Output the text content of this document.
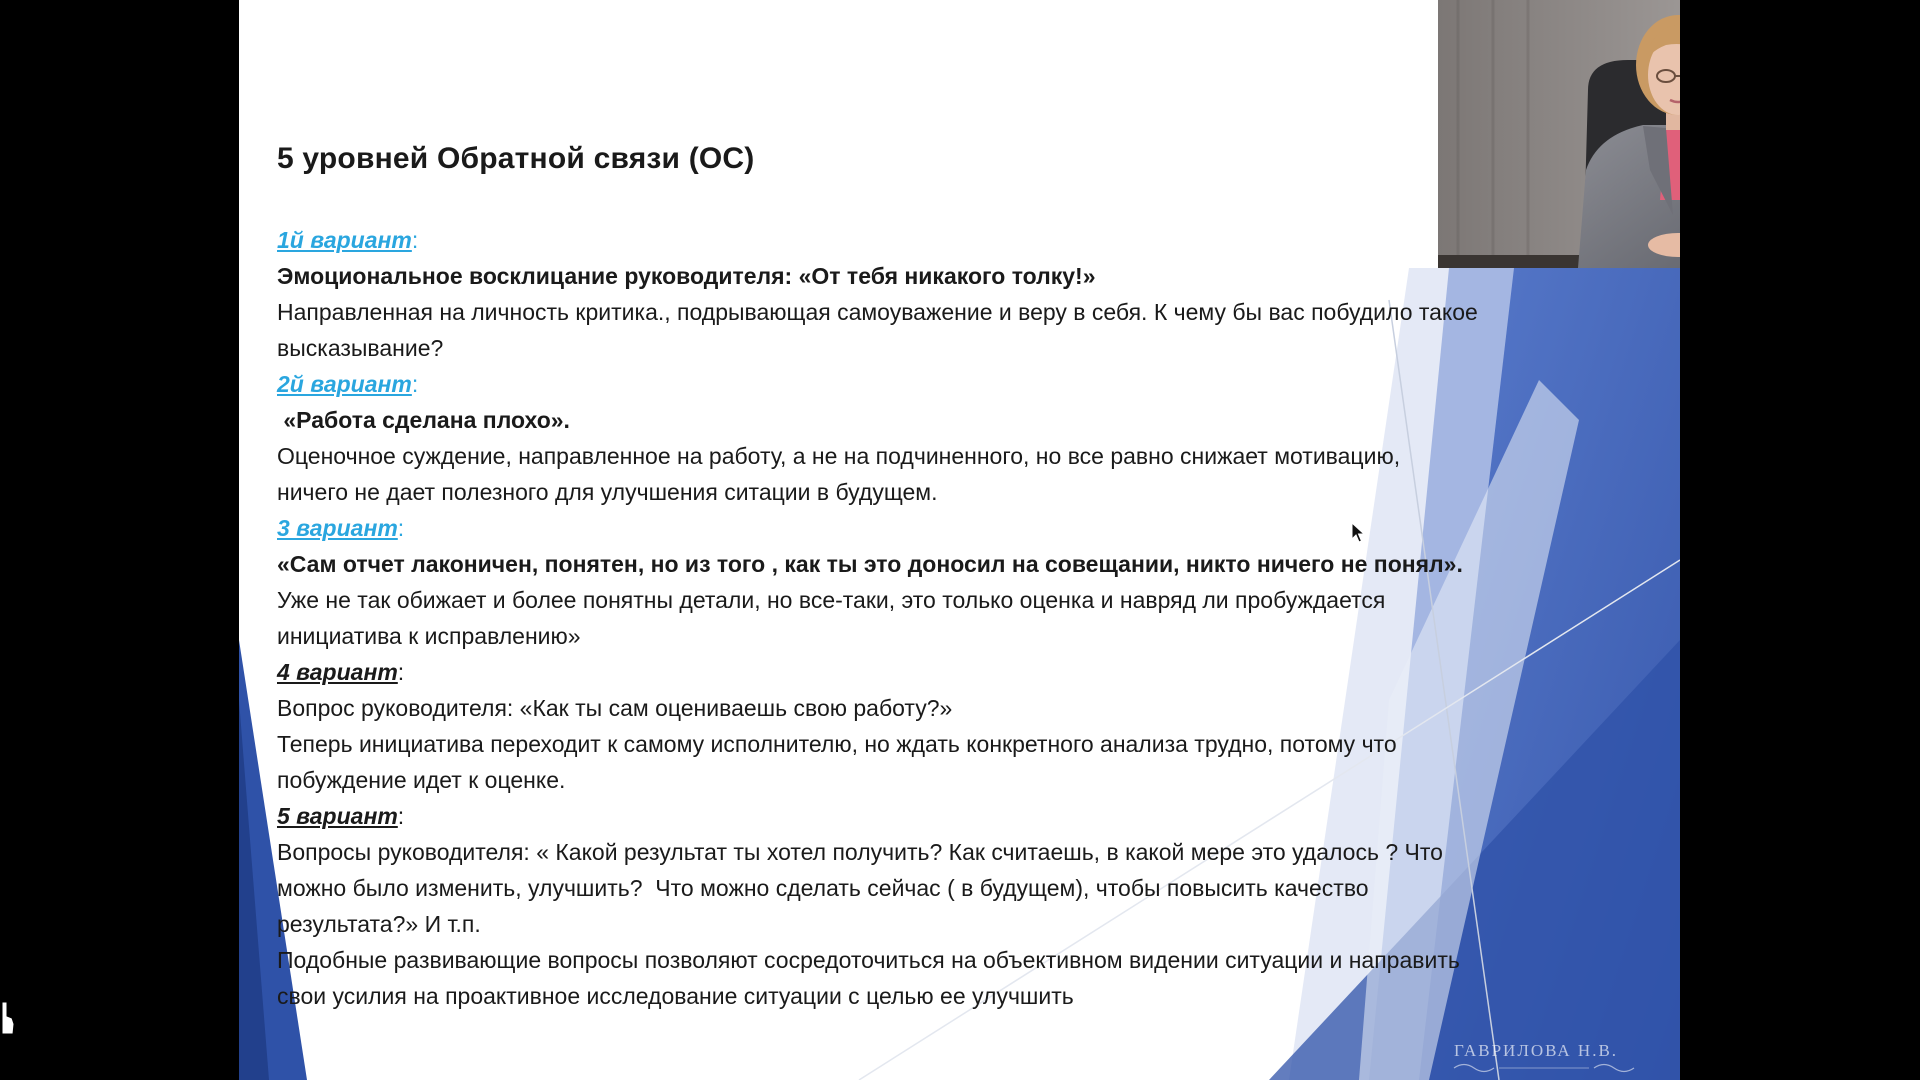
5 уровней Обратной связи (ОС)
1й вариант:
Эмоциональное восклицание руководителя: «От тебя никакого толку!»
Направленная на личность критика., подрывающая самоуважение и веру в себя. К чему бы вас побудило такое
высказывание?
2й вариант:
«Работа сделана плохо».
Оценочное суждение, направленное на работу, а не на подчиненного, но все равно снижает мотивацию,
ничего не дает полезного для улучшения ситации в будущем.
3 вариант:
«Сам отчет лаконичен, понятен, но из того , как ты это доносил на совещании, никто ничего не понял».
Уже не так обижает и более понятны детали, но все-таки, это только оценка и навряд ли пробуждается
инициатива к исправлению»
4 вариант:
Вопрос руководителя: «Как ты сам оцениваешь свою работу?»
Теперь инициатива переходит к самому исполнителю, но ждать конкретного анализа трудно, потому что
побуждение идет к оценке.
5 вариант:
Вопросы руководителя: « Какой результат ты хотел получить? Как считаешь, в какой мере это удалось ? Что
можно было изменить, улучшить?  Что можно сделать сейчас ( в будущем), чтобы повысить качество
результата?» И т.п.
Подобные развивающие вопросы позволяют сосредоточиться на объективном видении ситуации и направить
свои усилия на проактивное исследование ситуации с целью ее улучшить
ГАВРИЛОВА Н.В.
